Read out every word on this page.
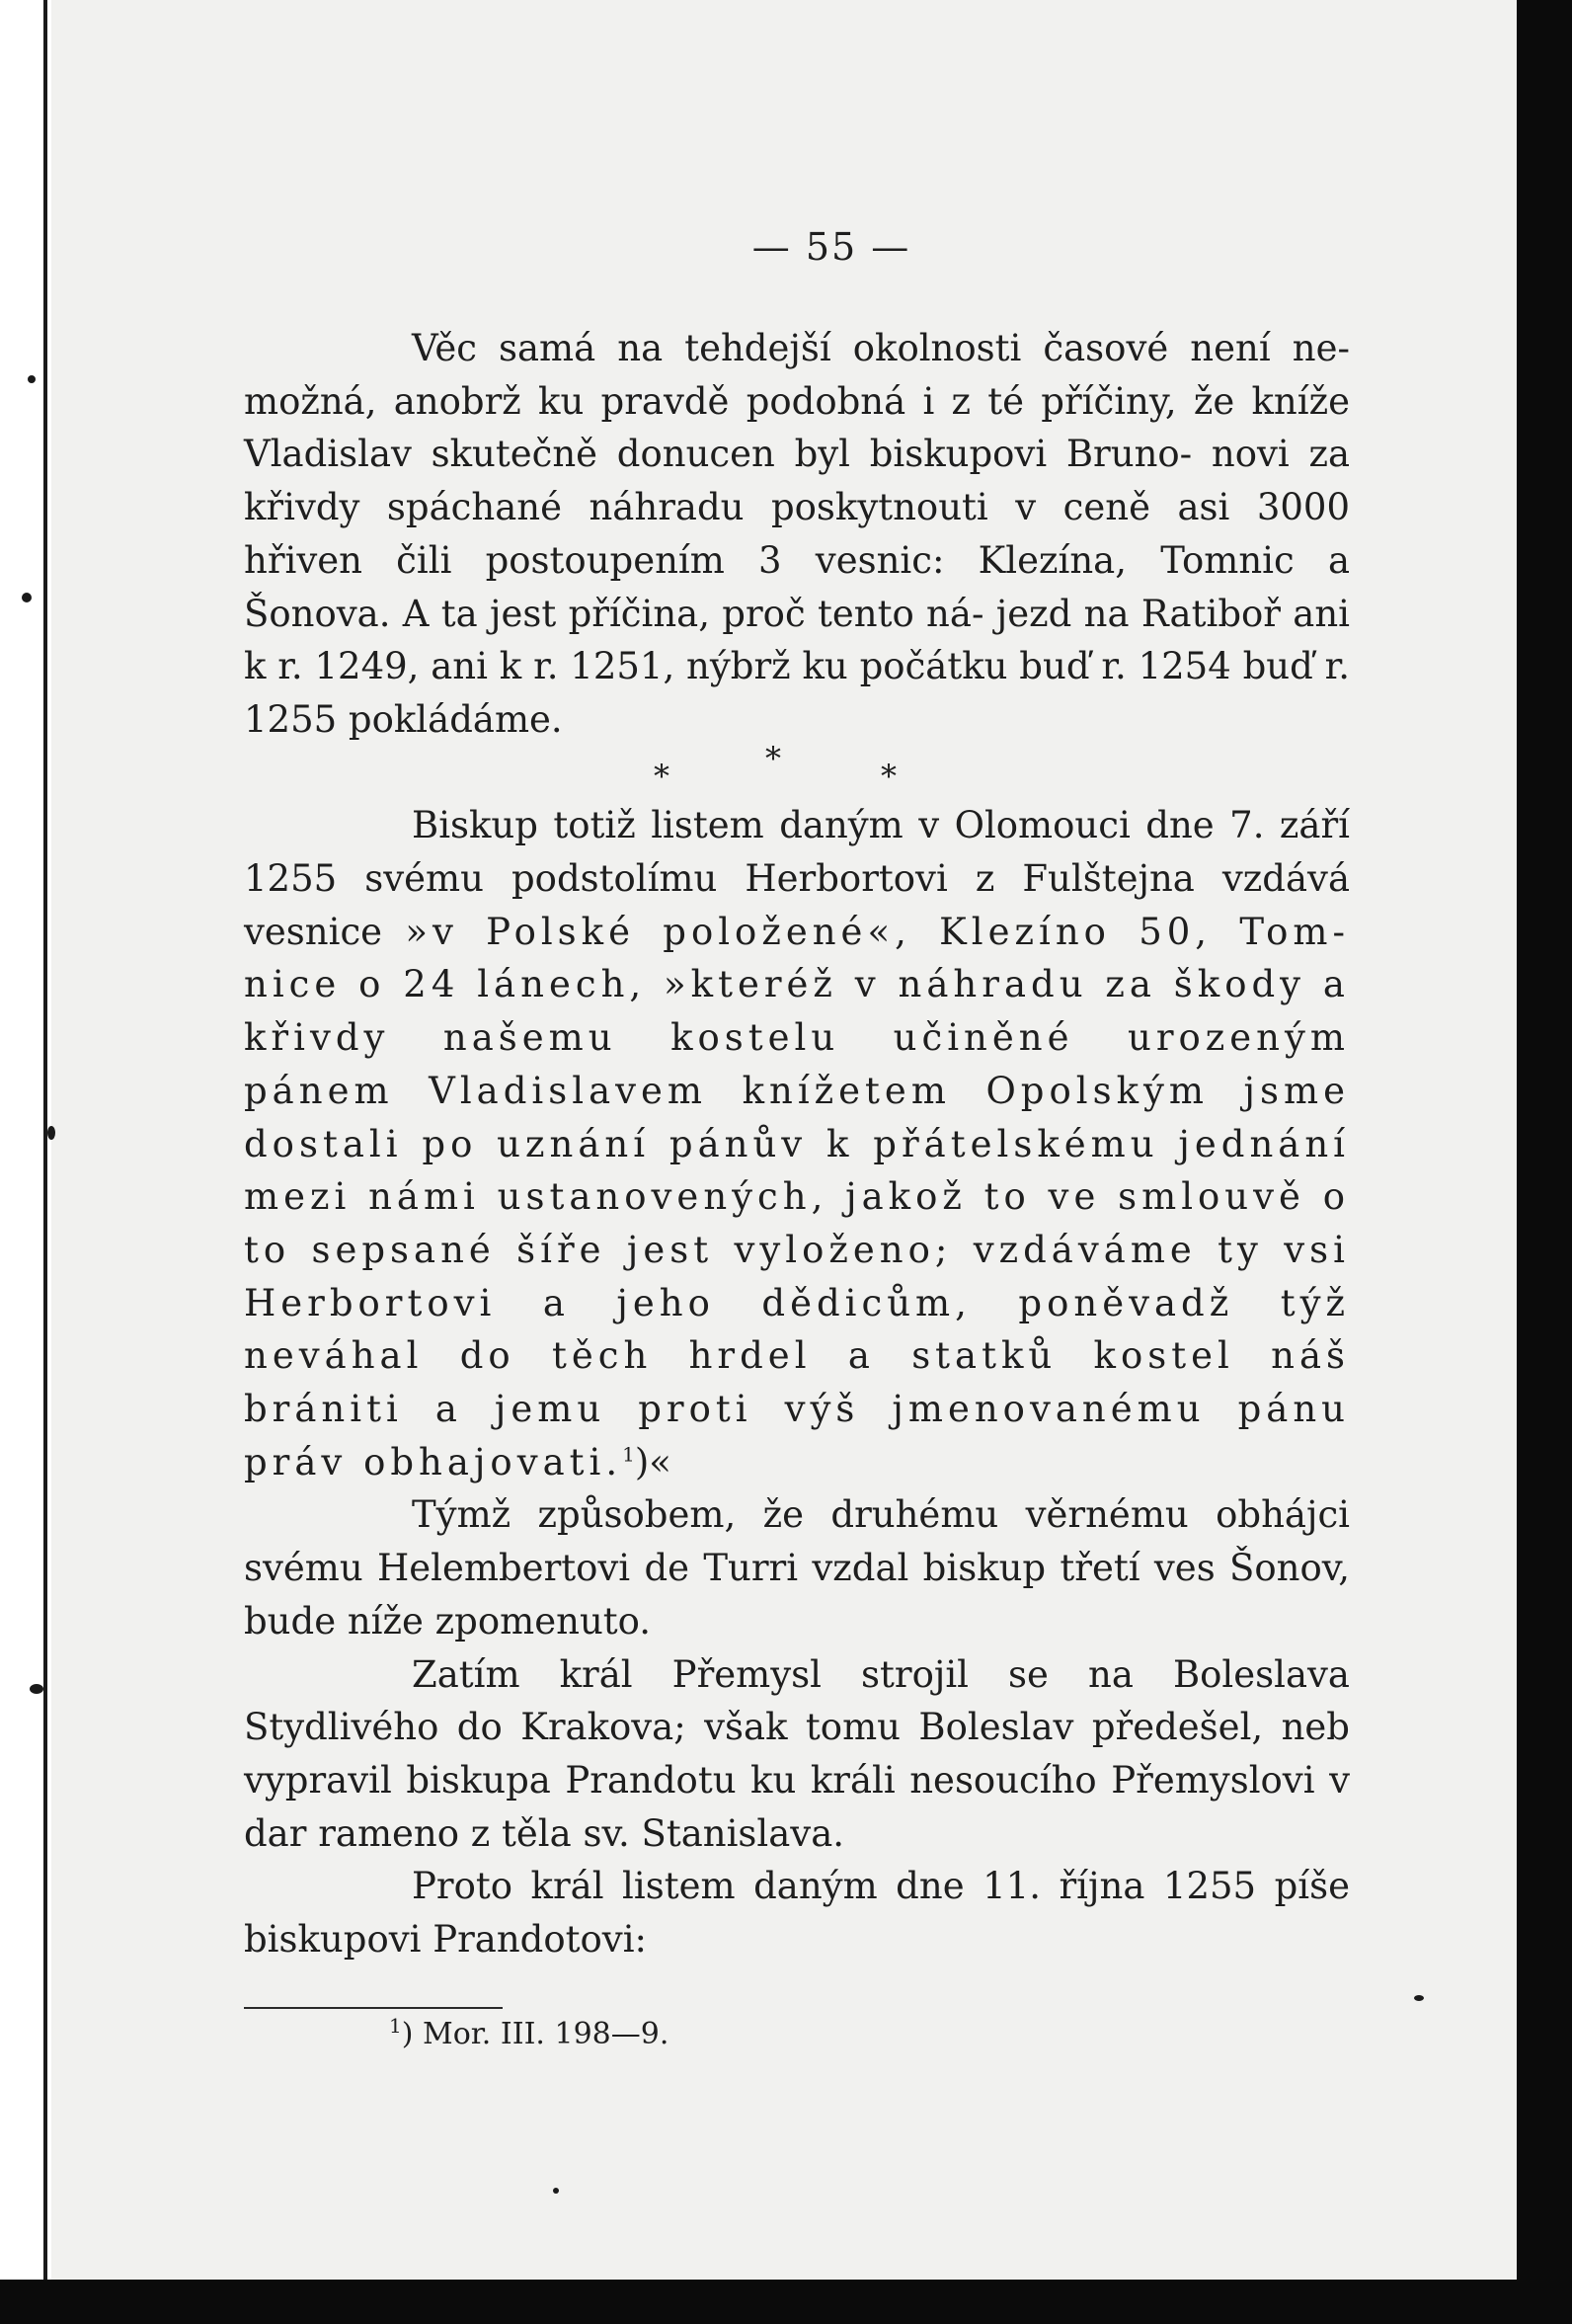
— 55 —

Věc samá na tehdejší okolnosti časové není ne- možná, anobrž ku pravdě podobná i z té příčiny, že kníže Vladislav skutečně donucen byl biskupovi Bruno- novi za křivdy spáchané náhradu poskytnouti v ceně asi 3000 hřiven čili postoupením 3 vesnic: Klezína, Tomnic a Šonova. A ta jest příčina, proč tento ná- jezd na Ratiboř ani k r. 1249, ani k r. 1251, nýbrž ku počátku buď r. 1254 buď r. 1255 pokládáme.

*	*	*

Biskup totiž listem daným v Olomouci dne 7. září 1255 svému podstolímu Herbortovi z Fulštejna vzdává vesnice »v Polské položené«, Klezíno 50, Tom- nice o 24 lánech, »kteréž v náhradu za škody a křivdy našemu kostelu učiněné urozeným pánem Vladislavem knížetem Opolským jsme dostali po uznání pánův k přátelskému jednání mezi námi ustanovených, jakož to ve smlouvě o to sepsané šíře jest vyloženo; vzdáváme ty vsi Herbortovi a jeho dědicům, poněvadž týž neváhal do těch hrdel a statků kostel náš brániti a jemu proti výš jmenovanému pánu práv obhajovati.$^1$)«

Týmž způsobem, že druhému věrnému obhájci svému Helembertovi de Turri vzdal biskup třetí ves Šonov, bude níže zpomenuto.

Zatím král Přemysl strojil se na Boleslava Stydlivého do Krakova; však tomu Boleslav předešel, neb vypravil biskupa Prandotu ku králi nesoucího Přemyslovi v dar rameno z těla sv. Stanislava.

Proto král listem daným dne 11. října 1255 píše biskupovi Prandotovi:

$^1$) Mor. III. 198—9.
